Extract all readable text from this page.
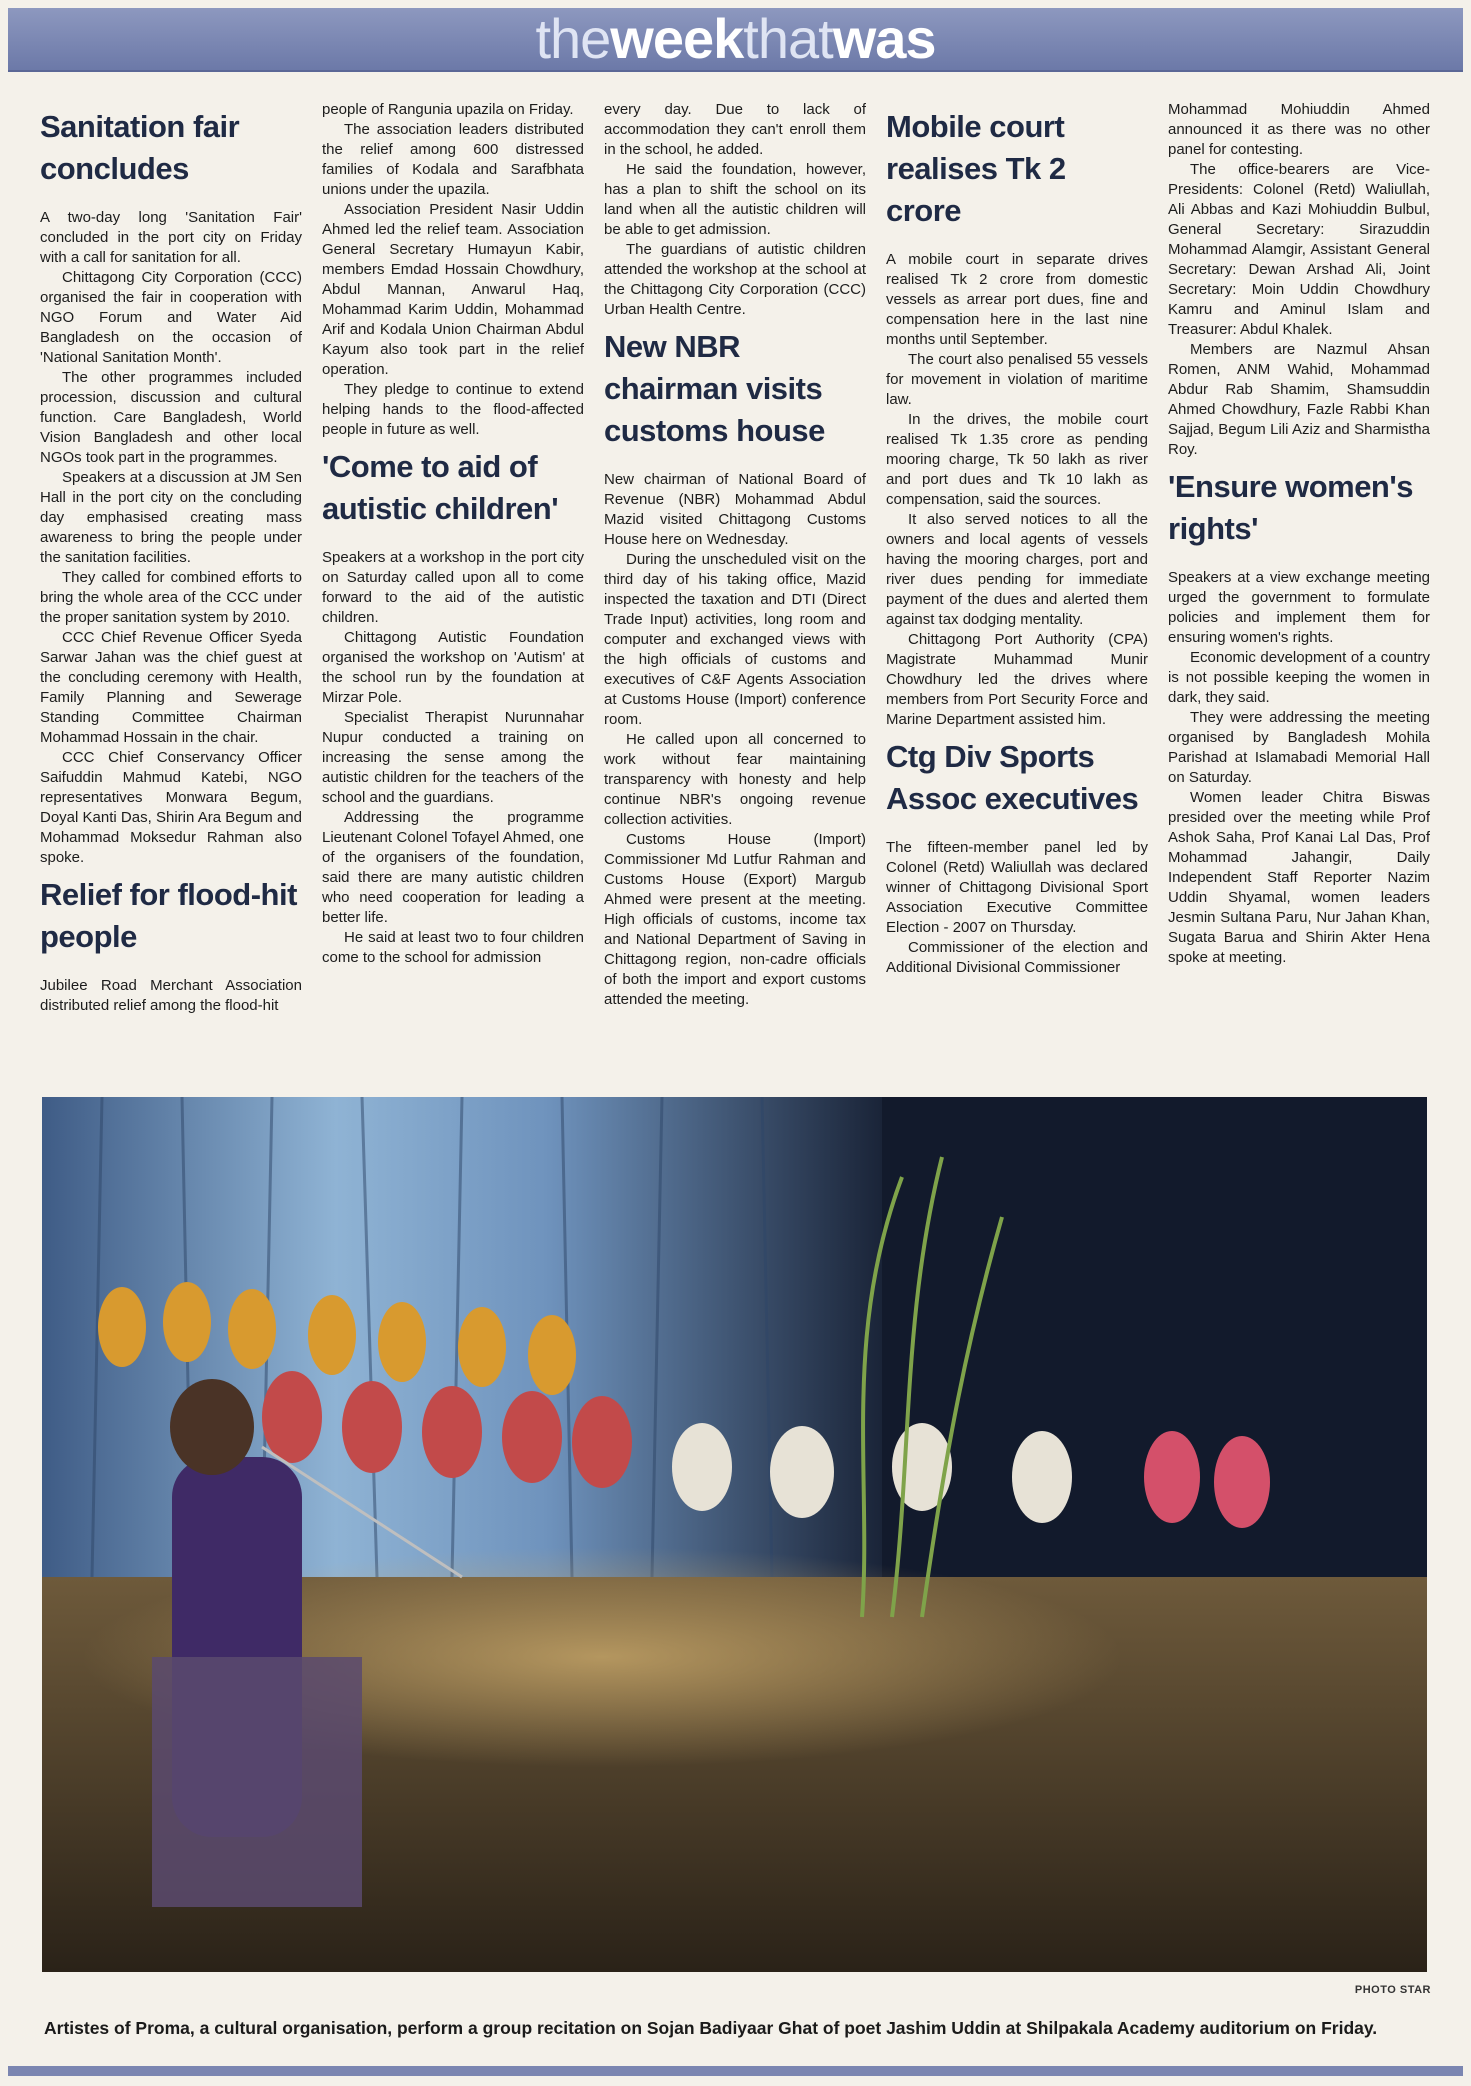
the week that was
Sanitation fair concludes

A two-day long 'Sanitation Fair' concluded in the port city on Friday with a call for sanitation for all.

Chittagong City Corporation (CCC) organised the fair in cooperation with NGO Forum and Water Aid Bangladesh on the occasion of 'National Sanitation Month'.

The other programmes included procession, discussion and cultural function. Care Bangladesh, World Vision Bangladesh and other local NGOs took part in the programmes.

Speakers at a discussion at JM Sen Hall in the port city on the concluding day emphasised creating mass awareness to bring the people under the sanitation facilities.

They called for combined efforts to bring the whole area of the CCC under the proper sanitation system by 2010.

CCC Chief Revenue Officer Syeda Sarwar Jahan was the chief guest at the concluding ceremony with Health, Family Planning and Sewerage Standing Committee Chairman Mohammad Hossain in the chair.

CCC Chief Conservancy Officer Saifuddin Mahmud Katebi, NGO representatives Monwara Begum, Doyal Kanti Das, Shirin Ara Begum and Mohammad Moksedur Rahman also spoke.

Relief for flood-hit people

Jubilee Road Merchant Association distributed relief among the flood-hit

people of Rangunia upazila on Friday.

The association leaders distributed the relief among 600 distressed families of Kodala and Sarafbhata unions under the upazila.

Association President Nasir Uddin Ahmed led the relief team. Association General Secretary Humayun Kabir, members Emdad Hossain Chowdhury, Abdul Mannan, Anwarul Haq, Mohammad Karim Uddin, Mohammad Arif and Kodala Union Chairman Abdul Kayum also took part in the relief operation.

They pledge to continue to extend helping hands to the flood-affected people in future as well.

'Come to aid of autistic children'

Speakers at a workshop in the port city on Saturday called upon all to come forward to the aid of the autistic children.

Chittagong Autistic Foundation organised the workshop on 'Autism' at the school run by the foundation at Mirzar Pole.

Specialist Therapist Nurunnahar Nupur conducted a training on increasing the sense among the autistic children for the teachers of the school and the guardians.

Addressing the programme Lieutenant Colonel Tofayel Ahmed, one of the organisers of the foundation, said there are many autistic children who need cooperation for leading a better life.

He said at least two to four children come to the school for admission

every day. Due to lack of accommodation they can't enroll them in the school, he added.

He said the foundation, however, has a plan to shift the school on its land when all the autistic children will be able to get admission.

The guardians of autistic children attended the workshop at the school at the Chittagong City Corporation (CCC) Urban Health Centre.

New NBR chairman visits customs house

New chairman of National Board of Revenue (NBR) Mohammad Abdul Mazid visited Chittagong Customs House here on Wednesday.

During the unscheduled visit on the third day of his taking office, Mazid inspected the taxation and DTI (Direct Trade Input) activities, long room and computer and exchanged views with the high officials of customs and executives of C&F Agents Association at Customs House (Import) conference room.

He called upon all concerned to work without fear maintaining transparency with honesty and help continue NBR's ongoing revenue collection activities.

Customs House (Import) Commissioner Md Lutfur Rahman and Customs House (Export) Margub Ahmed were present at the meeting. High officials of customs, income tax and National Department of Saving in Chittagong region, non-cadre officials of both the import and export customs attended the meeting.

Mobile court realises Tk 2 crore

A mobile court in separate drives realised Tk 2 crore from domestic vessels as arrear port dues, fine and compensation here in the last nine months until September.

The court also penalised 55 vessels for movement in violation of maritime law.

In the drives, the mobile court realised Tk 1.35 crore as pending mooring charge, Tk 50 lakh as river and port dues and Tk 10 lakh as compensation, said the sources.

It also served notices to all the owners and local agents of vessels having the mooring charges, port and river dues pending for immediate payment of the dues and alerted them against tax dodging mentality.

Chittagong Port Authority (CPA) Magistrate Muhammad Munir Chowdhury led the drives where members from Port Security Force and Marine Department assisted him.

Ctg Div Sports Assoc executives

The fifteen-member panel led by Colonel (Retd) Waliullah was declared winner of Chittagong Divisional Sport Association Executive Committee Election - 2007 on Thursday.

Commissioner of the election and Additional Divisional Commissioner

Mohammad Mohiuddin Ahmed announced it as there was no other panel for contesting.

The office-bearers are Vice-Presidents: Colonel (Retd) Waliullah, Ali Abbas and Kazi Mohiuddin Bulbul, General Secretary: Sirazuddin Mohammad Alamgir, Assistant General Secretary: Dewan Arshad Ali, Joint Secretary: Moin Uddin Chowdhury Kamru and Aminul Islam and Treasurer: Abdul Khalek.

Members are Nazmul Ahsan Romen, ANM Wahid, Mohammad Abdur Rab Shamim, Shamsuddin Ahmed Chowdhury, Fazle Rabbi Khan Sajjad, Begum Lili Aziz and Sharmistha Roy.

'Ensure women's rights'

Speakers at a view exchange meeting urged the government to formulate policies and implement them for ensuring women's rights.

Economic development of a country is not possible keeping the women in dark, they said.

They were addressing the meeting organised by Bangladesh Mohila Parishad at Islamabadi Memorial Hall on Saturday.

Women leader Chitra Biswas presided over the meeting while Prof Ashok Saha, Prof Kanai Lal Das, Prof Mohammad Jahangir, Daily Independent Staff Reporter Nazim Uddin Shyamal, women leaders Jesmin Sultana Paru, Nur Jahan Khan, Sugata Barua and Shirin Akter Hena spoke at meeting.

PHOTO STAR
Artistes of Proma, a cultural organisation, perform a group recitation on Sojan Badiyaar Ghat of poet Jashim Uddin at Shilpakala Academy auditorium on Friday.
